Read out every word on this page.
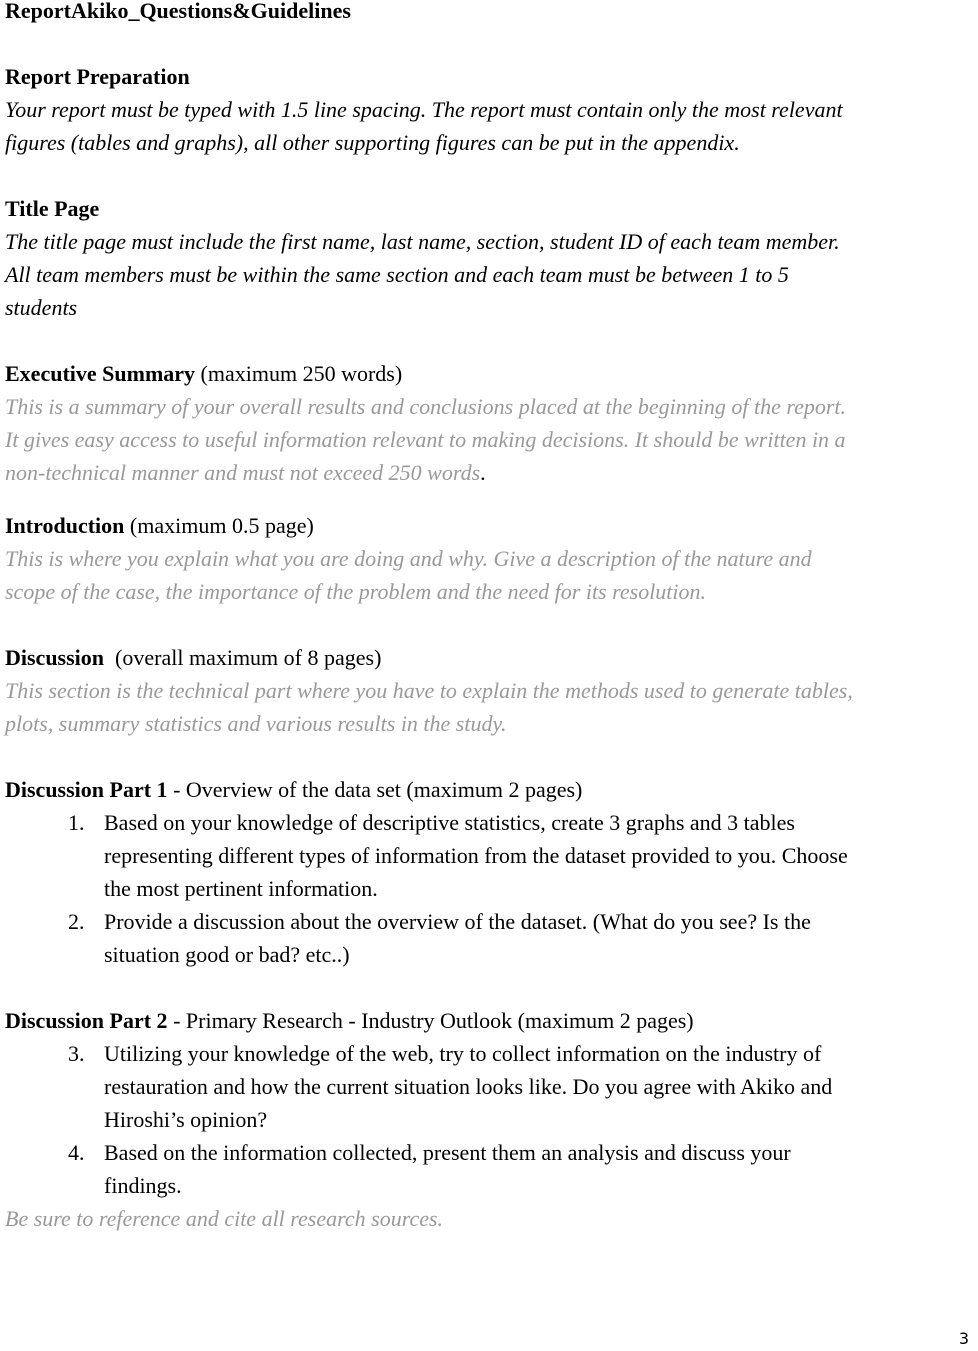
ReportAkiko_Questions&Guidelines
Report Preparation
Your report must be typed with 1.5 line spacing. The report must contain only the most relevant
figures (tables and graphs), all other supporting figures can be put in the appendix.
Title Page
The title page must include the first name, last name, section, student ID of each team member.
All team members must be within the same section and each team must be between 1 to 5
students
Executive Summary (maximum 250 words)
This is a summary of your overall results and conclusions placed at the beginning of the report.
It gives easy access to useful information relevant to making decisions. It should be written in a
non-technical manner and must not exceed 250 words.
Introduction (maximum 0.5 page)
This is where you explain what you are doing and why. Give a description of the nature and
scope of the case, the importance of the problem and the need for its resolution.
Discussion  (overall maximum of 8 pages)
This section is the technical part where you have to explain the methods used to generate tables,
plots, summary statistics and various results in the study.
Discussion Part 1 - Overview of the data set (maximum 2 pages)
1. Based on your knowledge of descriptive statistics, create 3 graphs and 3 tables
representing different types of information from the dataset provided to you. Choose
the most pertinent information.
2. Provide a discussion about the overview of the dataset. (What do you see? Is the
situation good or bad? etc..)
Discussion Part 2 - Primary Research - Industry Outlook (maximum 2 pages)
3. Utilizing your knowledge of the web, try to collect information on the industry of
restauration and how the current situation looks like. Do you agree with Akiko and
Hiroshi’s opinion?
4. Based on the information collected, present them an analysis and discuss your
findings.
Be sure to reference and cite all research sources.
3
